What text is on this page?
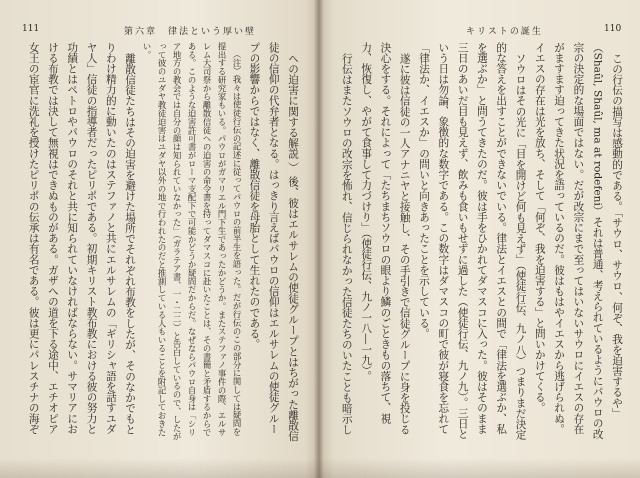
111	第六章　律法という厚い壁

ヘの迫害に関する解説 ） 後、彼はエルサレムの使徒グループとはちがった離散信徒の信仰の代弁者となる。はっきり言えばパウロの信仰はエルサレムの使徒グループの影響からではなく、離散信徒を母胎として生れたのである。

（注）我々は使徒行伝の記述に従ってパウロの前半生を語った。だが行伝のこの部分に関しては疑問を提出する研究家もいる。パウロがガマリエル門下生であったかどうか。またステファノ事件の際、エルサレム大司祭から離散信徒への迫害の命令書を持ってダマスコに赴いたことは、その書簡と矛盾するからである。このような迫害許可書がローマ支配下で可能かどうか疑問だからだ。なぜならパウロ自身は「シリア地方の教会では自分の顔は知られていなかった」（ガラテア書、一・二二）と告白しているので、したがって彼のユダヤ教徒迫害はユダヤ以外の地で行われたのだと推測している人もいることを附記しておきたい。

離散信徒たちはその迫害を避けた場所でそれぞれ布教をしたが、そのなかでもとりわけ精力的に動いたのはステファノと共にエルサレムの「ギリシャ語を話すユダヤ人」信徒の指導者だったピリポである。初期キリスト教布教における彼の努力と功績とはペトロやパウロのそれと共に知られていなければならない。サマリアにおける布教では決して無視はできぬものがある。ガザへの道を下る途中、エチオピア女王の宦官に洗礼を授けたピリポの伝承は有名である。彼は更にパレスチナの海ぞ

キリストの誕生	110

この行伝の描写は感動的である。「サウロ、サウロ、何ぞ、我を迫害するや」（Shaûl, Shaûl, ma at rodefeni）それは普通、考えられているようにパウロの改宗の決定的な場面ではない。だが改宗にまで至ってはいないサウロにイエスの存在がますます迫ってきた状況を語っているのだ。彼はもはやイエスから逃げられぬ。イエスの存在は光を放ち、そして「何ぞ、我を迫害する」と問いかけてくる。

ソウロはその光に「目を開けど何も見えず」（使徒行伝、九ノ八）つまりまだ決定的な答えを出すことができないでいる。律法とイエスとの間で「律法を選ぶか、私を選ぶか」と問うてきたのだ。彼は手をひかれてダマスコに入った。彼はそのまま三日のあいだ目も見えず、飲みも食いもせずに過した（使徒行伝、九ノ九）。三日という日は勿論、象徴的な数字である。この数字はダマスコの町で彼が寝食を忘れて「律法か、イエスか」の問いと向きあったことを示している。

遂に彼は信徒の一人アナニヤと接触し、その手引きで信徒グループに身を投じる決心をする。それによって「たちまちソウロの眼より鱗のごときもの落ちて、視力、恢復し、やがて食事して力づけり」（使徒行伝、九ノ一八―一九）。

行伝はまたソウロの改宗を怖れ、信じられなかった信徒たちのいたことも暗示し
